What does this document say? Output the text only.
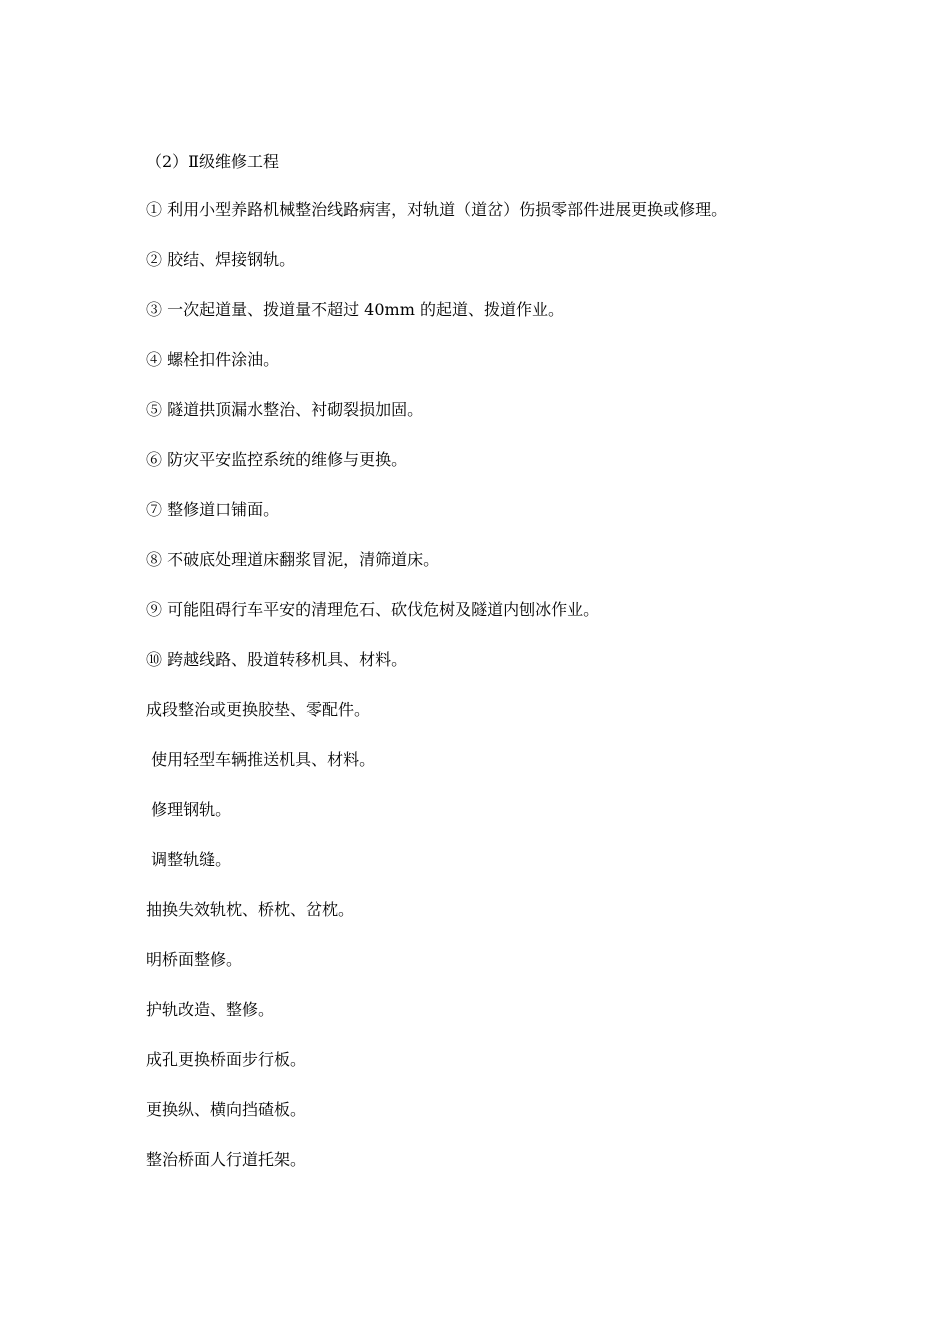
（2）Ⅱ级维修工程

① 利用小型养路机械整治线路病害，对轨道（道岔）伤损零部件进展更换或修理。

② 胶结、焊接钢轨。

③ 一次起道量、拨道量不超过 40mm 的起道、拨道作业。

④ 螺栓扣件涂油。

⑤ 隧道拱顶漏水整治、衬砌裂损加固。

⑥ 防灾平安监控系统的维修与更换。

⑦ 整修道口铺面。

⑧ 不破底处理道床翻浆冒泥，清筛道床。

⑨ 可能阻碍行车平安的清理危石、砍伐危树及隧道内刨冰作业。

⑩ 跨越线路、股道转移机具、材料。

成段整治或更换胶垫、零配件。

使用轻型车辆推送机具、材料。

修理钢轨。

调整轨缝。

抽换失效轨枕、桥枕、岔枕。

明桥面整修。

护轨改造、整修。

成孔更换桥面步行板。

更换纵、横向挡碴板。

整治桥面人行道托架。
